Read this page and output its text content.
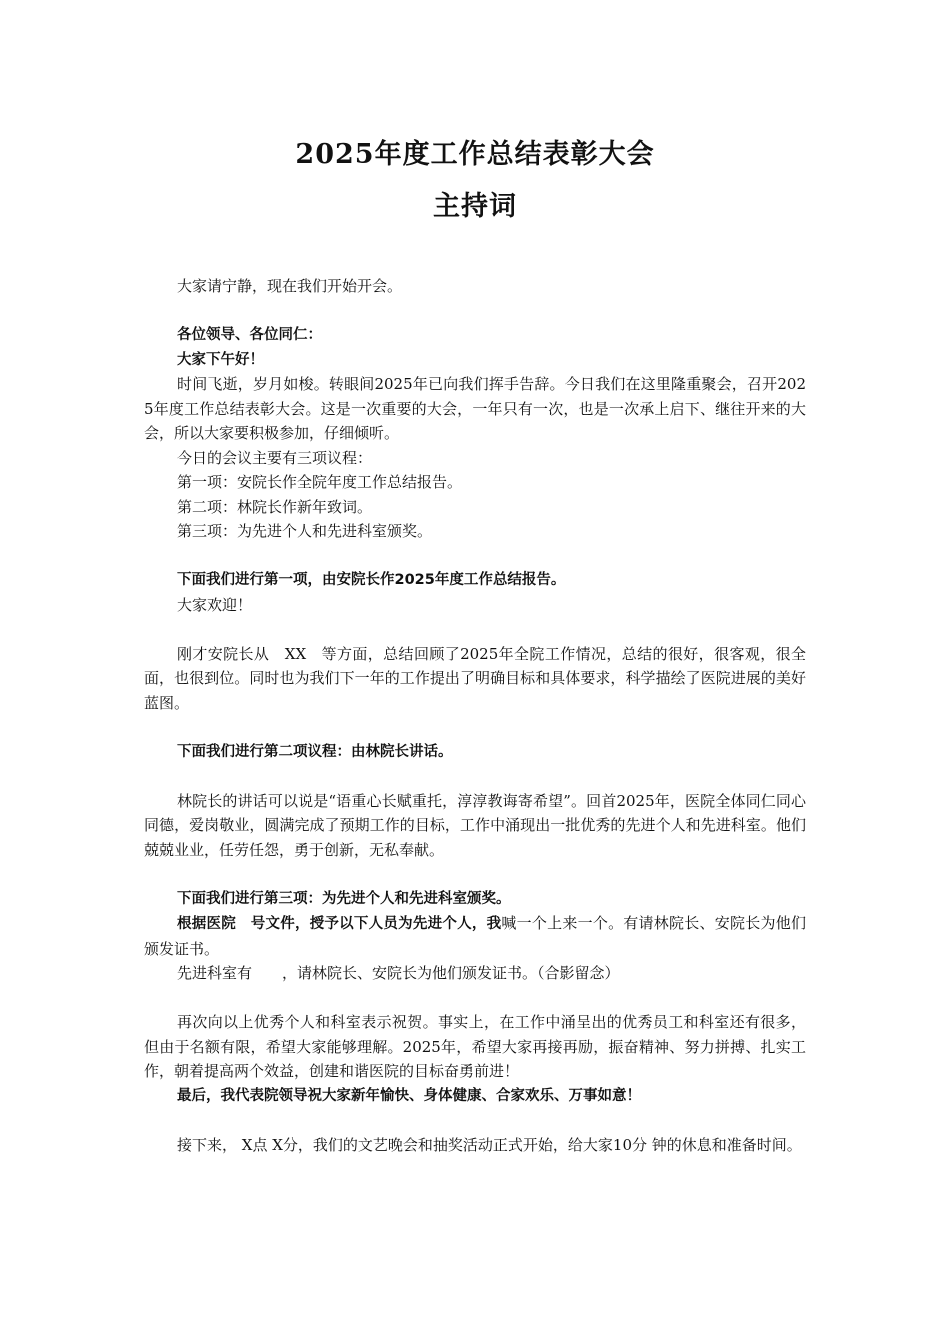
2025年度工作总结表彰大会
主持词

大家请宁静，现在我们开始开会。

各位领导、各位同仁：

大家下午好！

时间飞逝，岁月如梭。转眼间2025年已向我们挥手告辞。今日我们在这里隆重聚会，召开2025年度工作总结表彰大会。这是一次重要的大会，一年只有一次，也是一次承上启下、继往开来的大会，所以大家要积极参加，仔细倾听。

今日的会议主要有三项议程：

第一项：安院长作全院年度工作总结报告。

第二项：林院长作新年致词。

第三项：为先进个人和先进科室颁奖。

下面我们进行第一项，由安院长作2025年度工作总结报告。

大家欢迎！

刚才安院长从   XX   等方面，总结回顾了2025年全院工作情况，总结的很好，很客观，很全面，也很到位。同时也为我们下一年的工作提出了明确目标和具体要求，科学描绘了医院进展的美好蓝图。

下面我们进行第二项议程：由林院长讲话。

林院长的讲话可以说是“语重心长赋重托，淳淳教诲寄希望”。回首2025年，医院全体同仁同心同德，爱岗敬业，圆满完成了预期工作的目标，工作中涌现出一批优秀的先进个人和先进科室。他们兢兢业业，任劳任怨，勇于创新，无私奉献。

下面我们进行第三项：为先进个人和先进科室颁奖。

根据医院　号文件，授予以下人员为先进个人，我喊一个上来一个。有请林院长、安院长为他们颁发证书。

先进科室有　　，请林院长、安院长为他们颁发证书。（合影留念）

再次向以上优秀个人和科室表示祝贺。事实上，在工作中涌呈出的优秀员工和科室还有很多，但由于名额有限，希望大家能够理解。2025年，希望大家再接再励，振奋精神、努力拼搏、扎实工作，朝着提高两个效益，创建和谐医院的目标奋勇前进！

最后，我代表院领导祝大家新年愉快、身体健康、合家欢乐、万事如意！

接下来， X点 X分，我们的文艺晚会和抽奖活动正式开始，给大家10分 钟的休息和准备时间。
